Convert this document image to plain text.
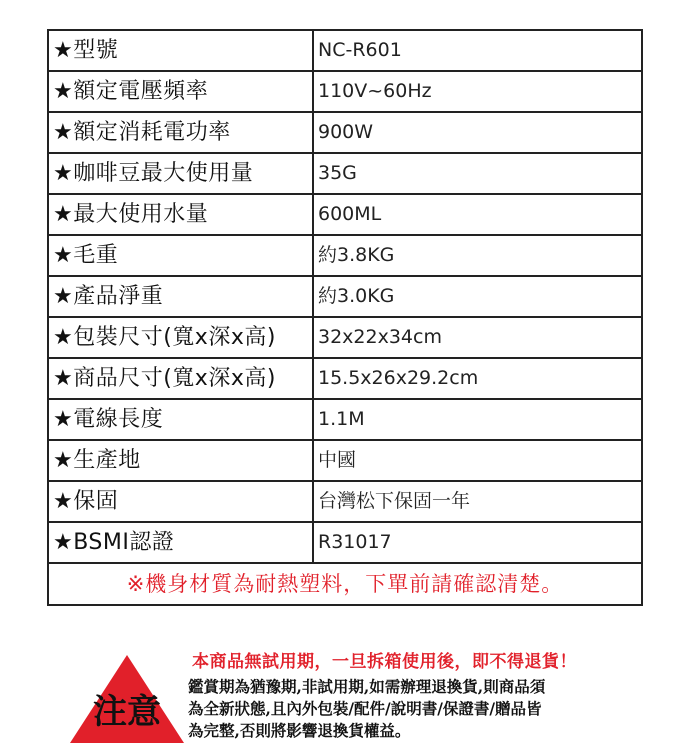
★型號	NC-R601
★額定電壓頻率	110V~60Hz
★額定消耗電功率	900W
★咖啡豆最大使用量	35G
★最大使用水量	600ML
★毛重	約3.8KG
★產品淨重	約3.0KG
★包裝尺寸(寬x深x高)	32x22x34cm
★商品尺寸(寬x深x高)	15.5x26x29.2cm
★電線長度	1.1M
★生產地	中國
★保固	台灣松下保固一年
★BSMI認證	R31017
※機身材質為耐熱塑料，下單前請確認清楚。	
注意
本商品無試用期，一旦拆箱使用後，即不得退貨！
鑑賞期為猶豫期,非試用期,如需辦理退換貨,則商品須
為全新狀態,且內外包裝/配件/說明書/保證書/贈品皆
為完整,否則將影響退換貨權益。
